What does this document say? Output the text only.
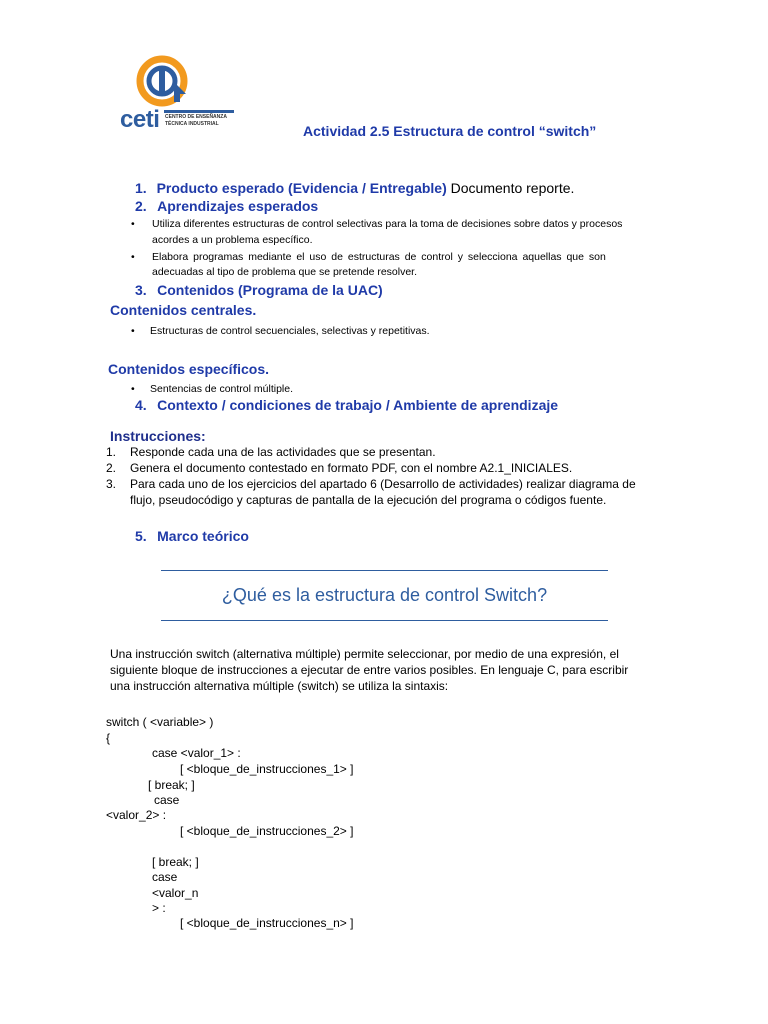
ceti CENTRO DE ENSEÑANZA
TÉCNICA INDUSTRIAL	Actividad 2.5 Estructura de control “switch”
1. Producto esperado (Evidencia / Entregable) Documento reporte.
2. Aprendizajes esperados
• Utiliza diferentes estructuras de control selectivas para la toma de decisiones sobre datos y procesos
acordes a un problema específico.
• Elabora programas mediante el uso de estructuras de control y selecciona aquellas que son
adecuadas al tipo de problema que se pretende resolver.
3. Contenidos (Programa de la UAC)
Contenidos centrales.
• Estructuras de control secuenciales, selectivas y repetitivas.
Contenidos específicos.
• Sentencias de control múltiple.
4. Contexto / condiciones de trabajo / Ambiente de aprendizaje
Instrucciones:
1. Responde cada una de las actividades que se presentan.
2. Genera el documento contestado en formato PDF, con el nombre A2.1_INICIALES.
3. Para cada uno de los ejercicios del apartado 6 (Desarrollo de actividades) realizar diagrama de
flujo, pseudocódigo y capturas de pantalla de la ejecución del programa o códigos fuente.
5. Marco teórico
¿Qué es la estructura de control Switch?
Una instrucción switch (alternativa múltiple) permite seleccionar, por medio de una expresión, el
siguiente bloque de instrucciones a ejecutar de entre varios posibles. En lenguaje C, para escribir
una instrucción alternativa múltiple (switch) se utiliza la sintaxis:
switch ( <variable> )
{
case <valor_1> :
[ <bloque_de_instrucciones_1> ]
[ break; ]
case
<valor_2> :
[ <bloque_de_instrucciones_2> ]
[ break; ]
case
<valor_n
> :
[ <bloque_de_instrucciones_n> ]
